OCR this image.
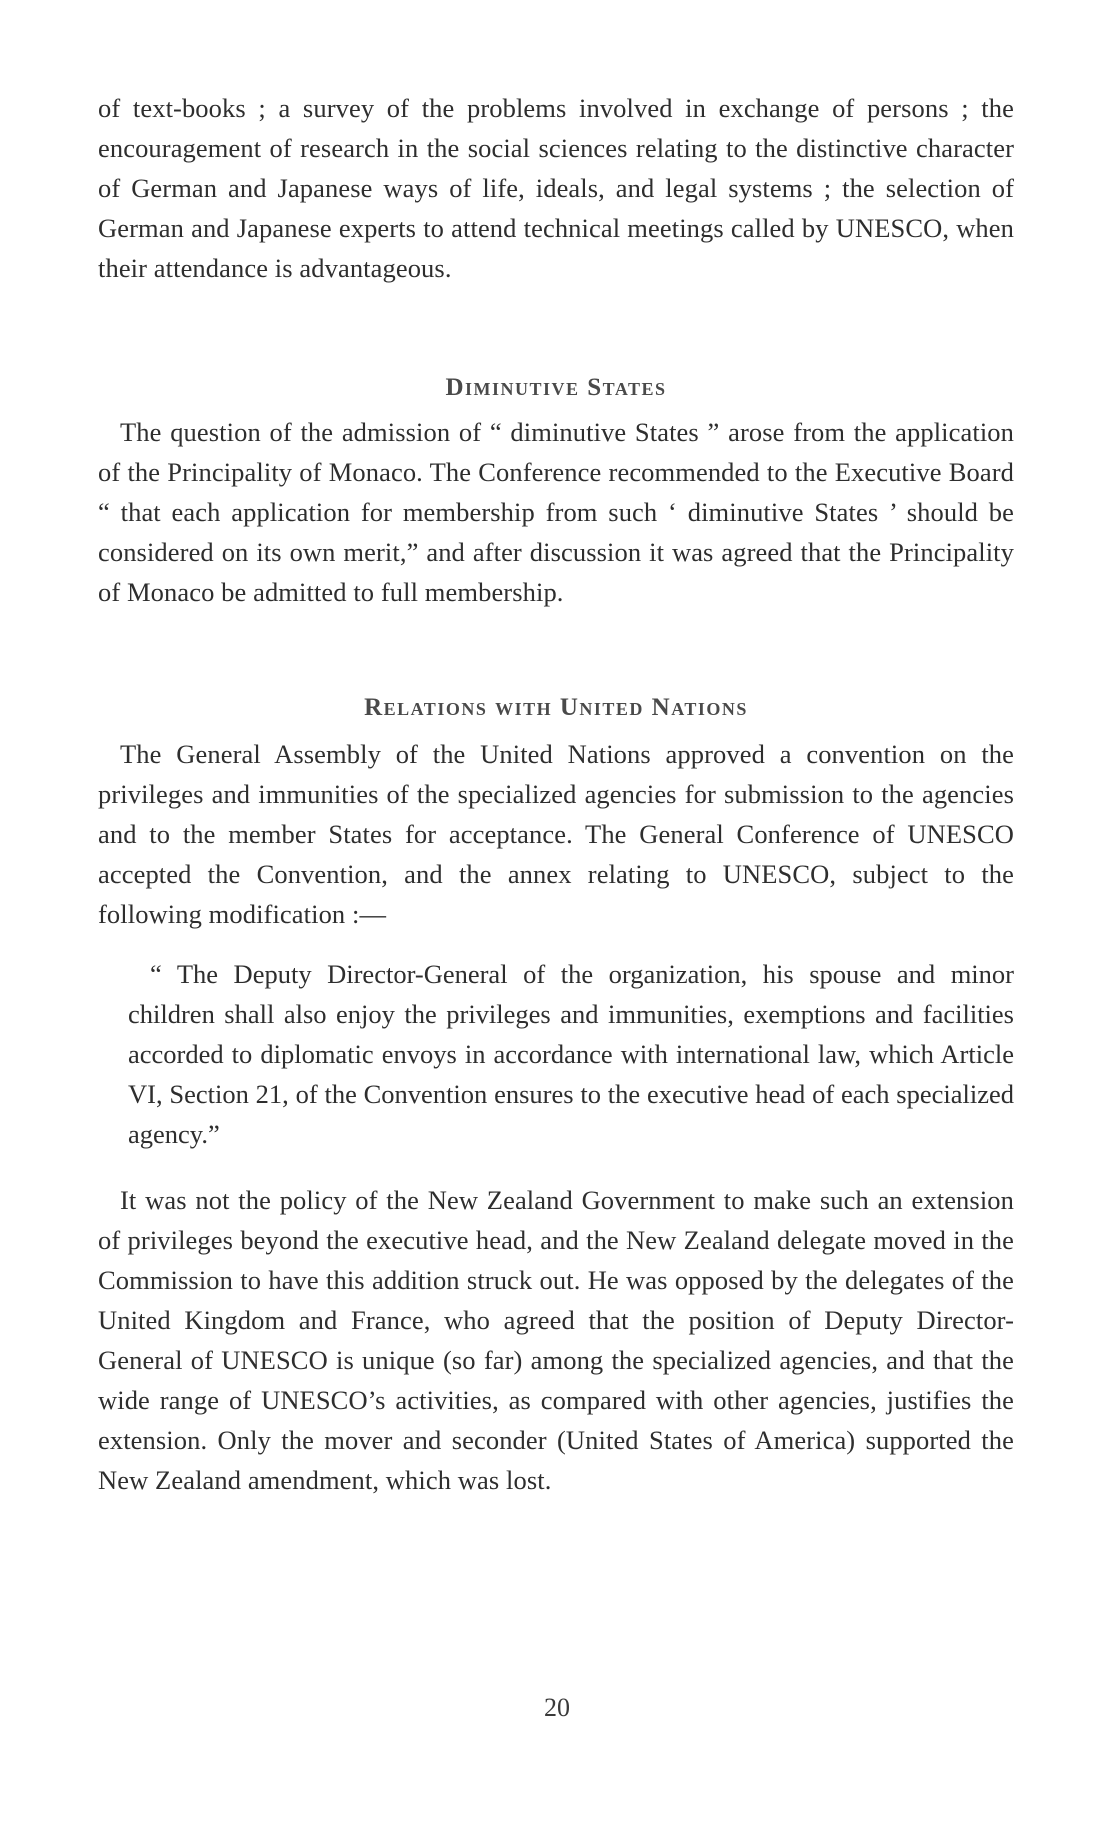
of text-books ; a survey of the problems involved in exchange of persons ; the encouragement of research in the social sciences relating to the distinctive character of German and Japanese ways of life, ideals, and legal systems ; the selection of German and Japanese experts to attend technical meetings called by UNESCO, when their attendance is advantageous.

Diminutive States

The question of the admission of “ diminutive States ” arose from the application of the Principality of Monaco. The Conference recommended to the Executive Board “ that each application for membership from such ‘ diminutive States ’ should be considered on its own merit,” and after discussion it was agreed that the Principality of Monaco be admitted to full membership.

Relations with United Nations

The General Assembly of the United Nations approved a convention on the privileges and immunities of the specialized agencies for submission to the agencies and to the member States for acceptance. The General Conference of UNESCO accepted the Convention, and the annex relating to UNESCO, subject to the following modification :—

“ The Deputy Director-General of the organization, his spouse and minor children shall also enjoy the privileges and immunities, exemptions and facilities accorded to diplomatic envoys in accordance with international law, which Article VI, Section 21, of the Convention ensures to the executive head of each specialized agency.”

It was not the policy of the New Zealand Government to make such an extension of privileges beyond the executive head, and the New Zealand delegate moved in the Commission to have this addition struck out. He was opposed by the delegates of the United Kingdom and France, who agreed that the position of Deputy Director-General of UNESCO is unique (so far) among the specialized agencies, and that the wide range of UNESCO’s activities, as compared with other agencies, justifies the extension. Only the mover and seconder (United States of America) supported the New Zealand amendment, which was lost.

20
